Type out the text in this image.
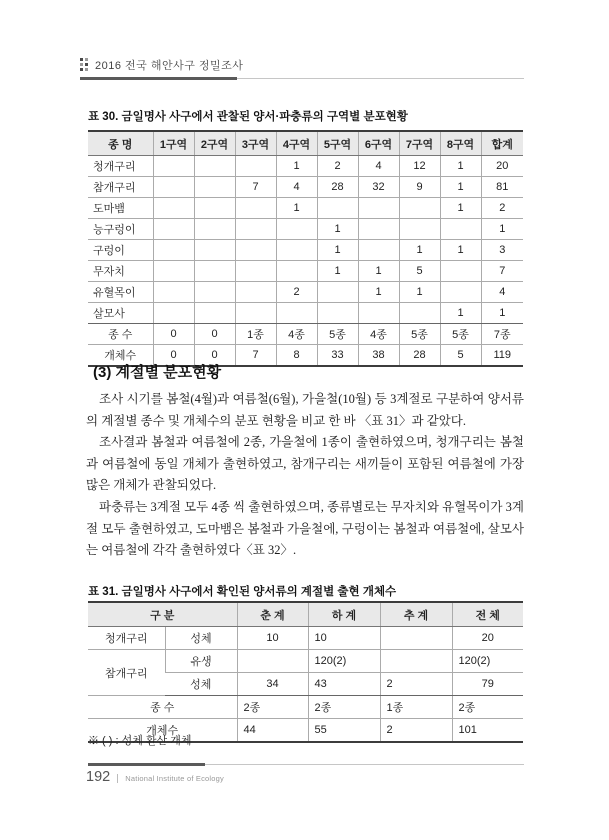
2016 전국 해안사구 정밀조사
표 30. 금일명사 사구에서 관찰된 양서·파충류의 구역별 분포현황
종 명	1구역	2구역	3구역	4구역	5구역	6구역	7구역	8구역	합계
청개구리				1	2	4	12	1	20
참개구리			7	4	28	32	9	1	81
도마뱀				1				1	2
능구렁이					1				1
구렁이					1		1	1	3
무자치					1	1	5		7
유혈목이				2		1	1		4
살모사								1	1
종 수	0	0	1종	4종	5종	4종	5종	5종	7종
개체수	0	0	7	8	33	38	28	5	119
(3) 계절별 분포현황

조사 시기를 봄철(4월)과 여름철(6월), 가을철(10월) 등 3계절로 구분하여 양서류의 계절별 종수 및 개체수의 분포 현황을 비교 한 바 〈표 31〉과 같았다.

조사결과 봄철과 여름철에 2종, 가을철에 1종이 출현하였으며, 청개구리는 봄철과 여름철에 동일 개체가 출현하였고, 참개구리는 새끼들이 포함된 여름철에 가장 많은 개체가 관찰되었다.

파충류는 3계절 모두 4종 씩 출현하였으며, 종류별로는 무자치와 유혈목이가 3계절 모두 출현하였고, 도마뱀은 봄철과 가을철에, 구렁이는 봄철과 여름철에, 살모사는 여름철에 각각 출현하였다〈표 32〉.

표 31. 금일명사 사구에서 확인된 양서류의 계절별 출현 개체수
구 분		춘 계	하 계	추 계	전 체
청개구리	성체	10	10		20
참개구리	유생		120(2)		120(2)
	성체	34	43	2	79
종 수		2종	2종	1종	2종
개체수		44	55	2	101
※ ( ) : 성체 환산 개체
192 National Institute of Ecology
